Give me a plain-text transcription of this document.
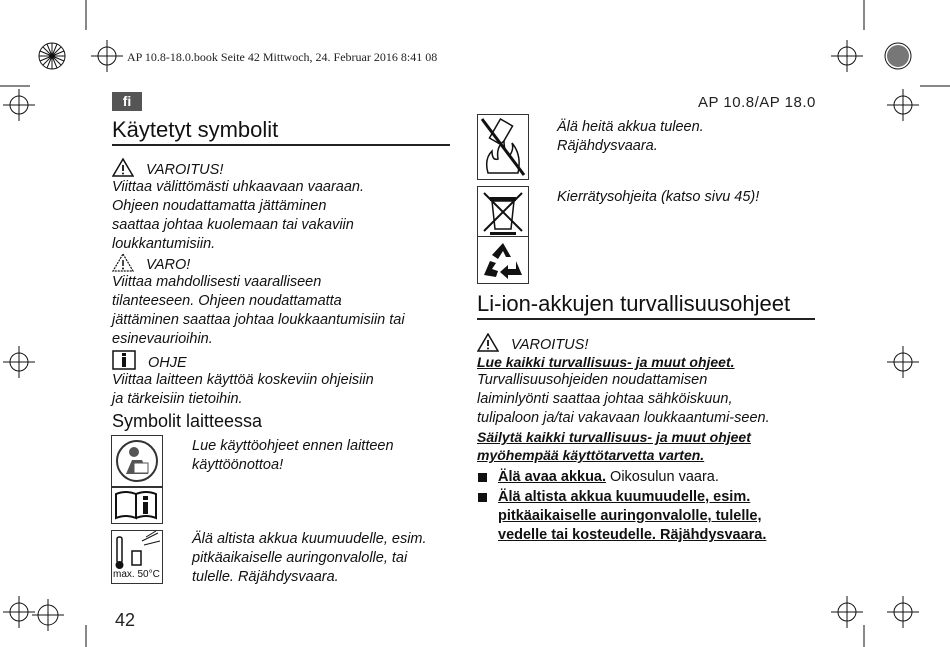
AP 10.8-18.0.book Seite 42 Mittwoch, 24. Februar 2016 8:41 08
fi	AP 10.8/AP 18.0
Käytetyt symbolit
VAROITUS!
Viittaa välittömästi uhkaavaan vaaraan.
Ohjeen noudattamatta jättäminen
saattaa johtaa kuolemaan tai vakaviin
loukkantumisiin.
VARO!
Viittaa mahdollisesti vaaralliseen
tilanteeseen. Ohjeen noudattamatta
jättäminen saattaa johtaa loukkaantumisiin tai
esinevaurioihin.
OHJE
Viittaa laitteen käyttöä koskeviin ohjeisiin
ja tärkeisiin tietoihin.
Symbolit laitteessa
Lue käyttöohjeet ennen laitteen
käyttöönottoa!
max. 50°C
Älä altista akkua kuumuudelle, esim.
pitkäaikaiselle auringonvalolle, tai
tulelle. Räjähdysvaara.
42
Älä heitä akkua tuleen.
Räjähdysvaara.
Kierrätysohjeita (katso sivu 45)!
Li-ion-akkujen turvallisuusohjeet
VAROITUS!
Lue kaikki turvallisuus- ja muut ohjeet.
Turvallisuusohjeiden noudattamisen
laiminlyönti saattaa johtaa sähköiskuun,
tulipaloon ja/tai vakavaan loukkaantumi-seen.
Säilytä kaikki turvallisuus- ja muut ohjeet
myöhempää käyttötarvetta varten.
Älä avaa akkua. Oikosulun vaara.
Älä altista akkua kuumuudelle, esim.
pitkäaikaiselle auringonvalolle, tulelle,
vedelle tai kosteudelle. Räjähdysvaara.
